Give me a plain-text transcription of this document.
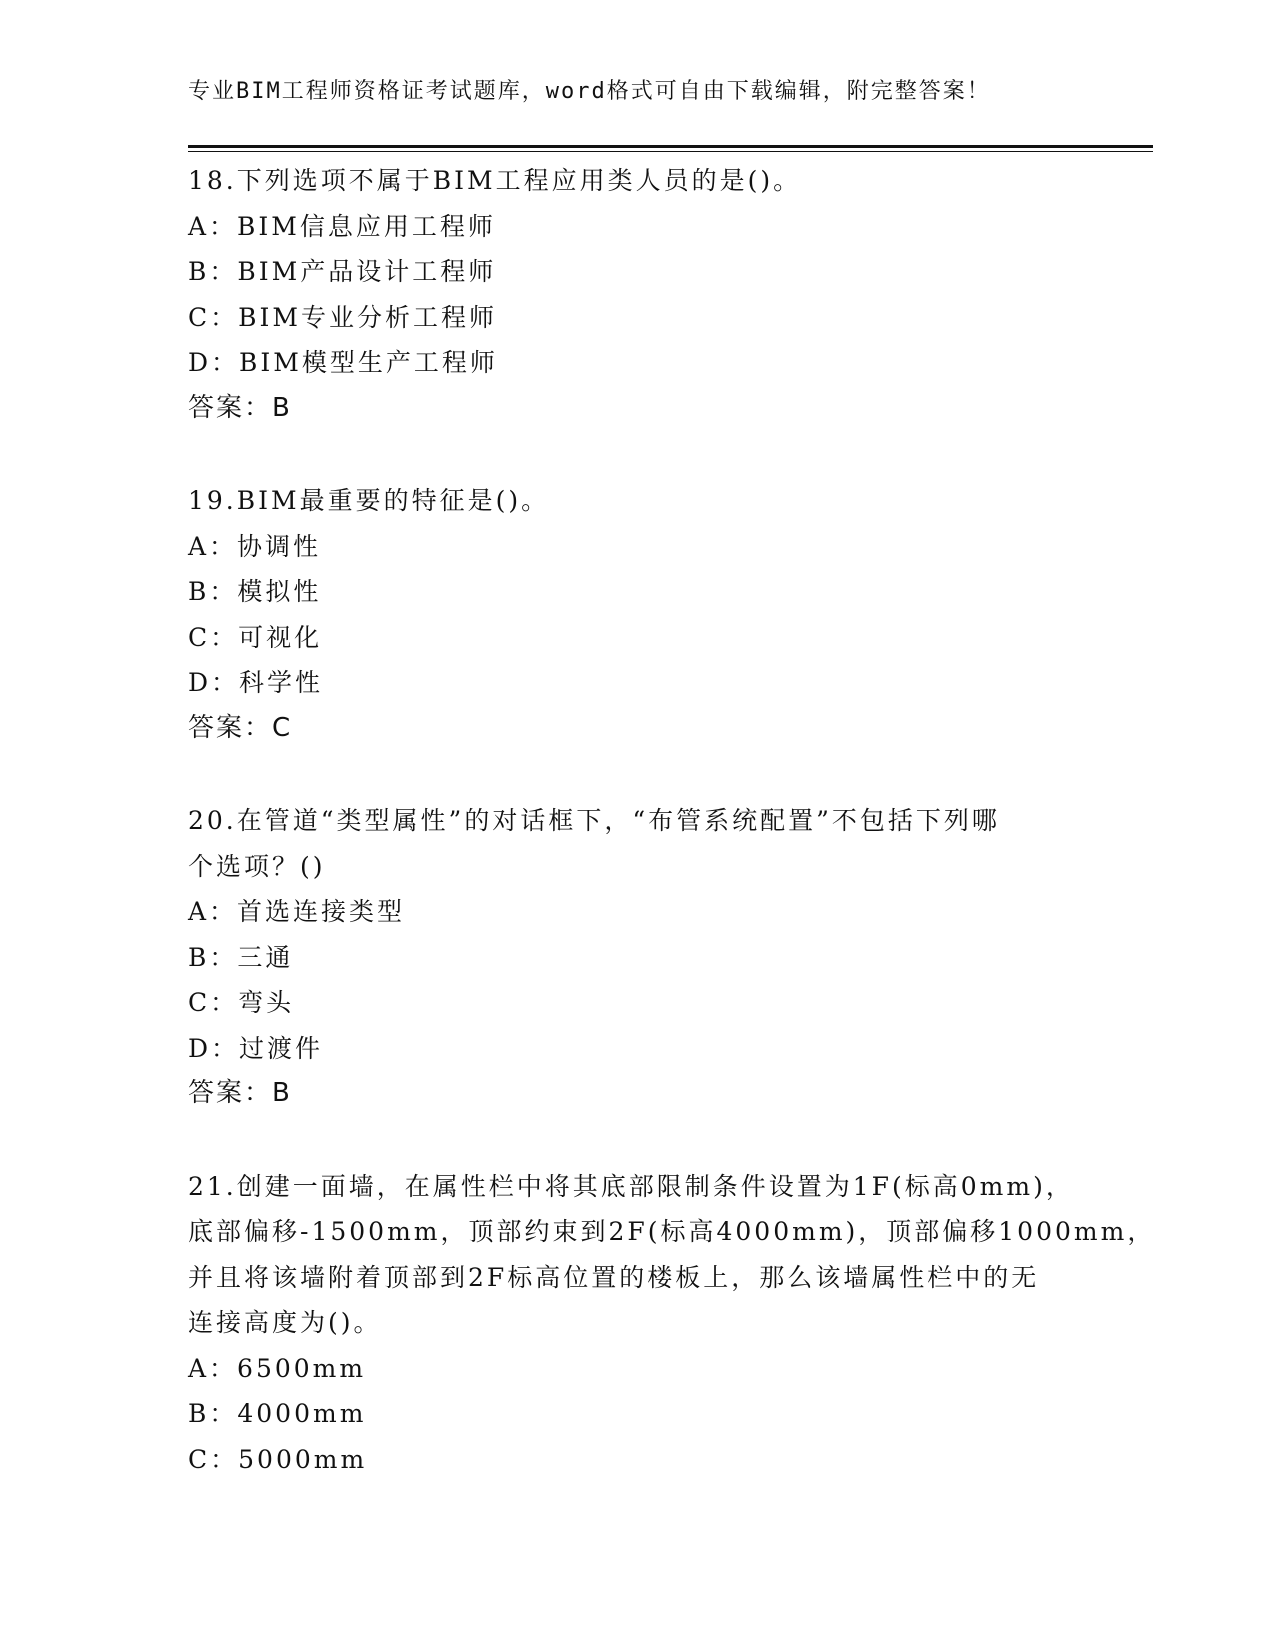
专业BIM工程师资格证考试题库，word格式可自由下载编辑，附完整答案！
18.下列选项不属于BIM工程应用类人员的是()。
A：BIM信息应用工程师
B：BIM产品设计工程师
C：BIM专业分析工程师
D：BIM模型生产工程师
答案：B
19.BIM最重要的特征是()。
A：协调性
B：模拟性
C：可视化
D：科学性
答案：C
20.在管道“类型属性”的对话框下，“布管系统配置”不包括下列哪
个选项？()
A：首选连接类型
B：三通
C：弯头
D：过渡件
答案：B
21.创建一面墙，在属性栏中将其底部限制条件设置为1F(标高0mm)，
底部偏移-1500mm，顶部约束到2F(标高4000mm)，顶部偏移1000mm，
并且将该墙附着顶部到2F标高位置的楼板上，那么该墙属性栏中的无
连接高度为()。
A：6500mm
B：4000mm
C：5000mm
